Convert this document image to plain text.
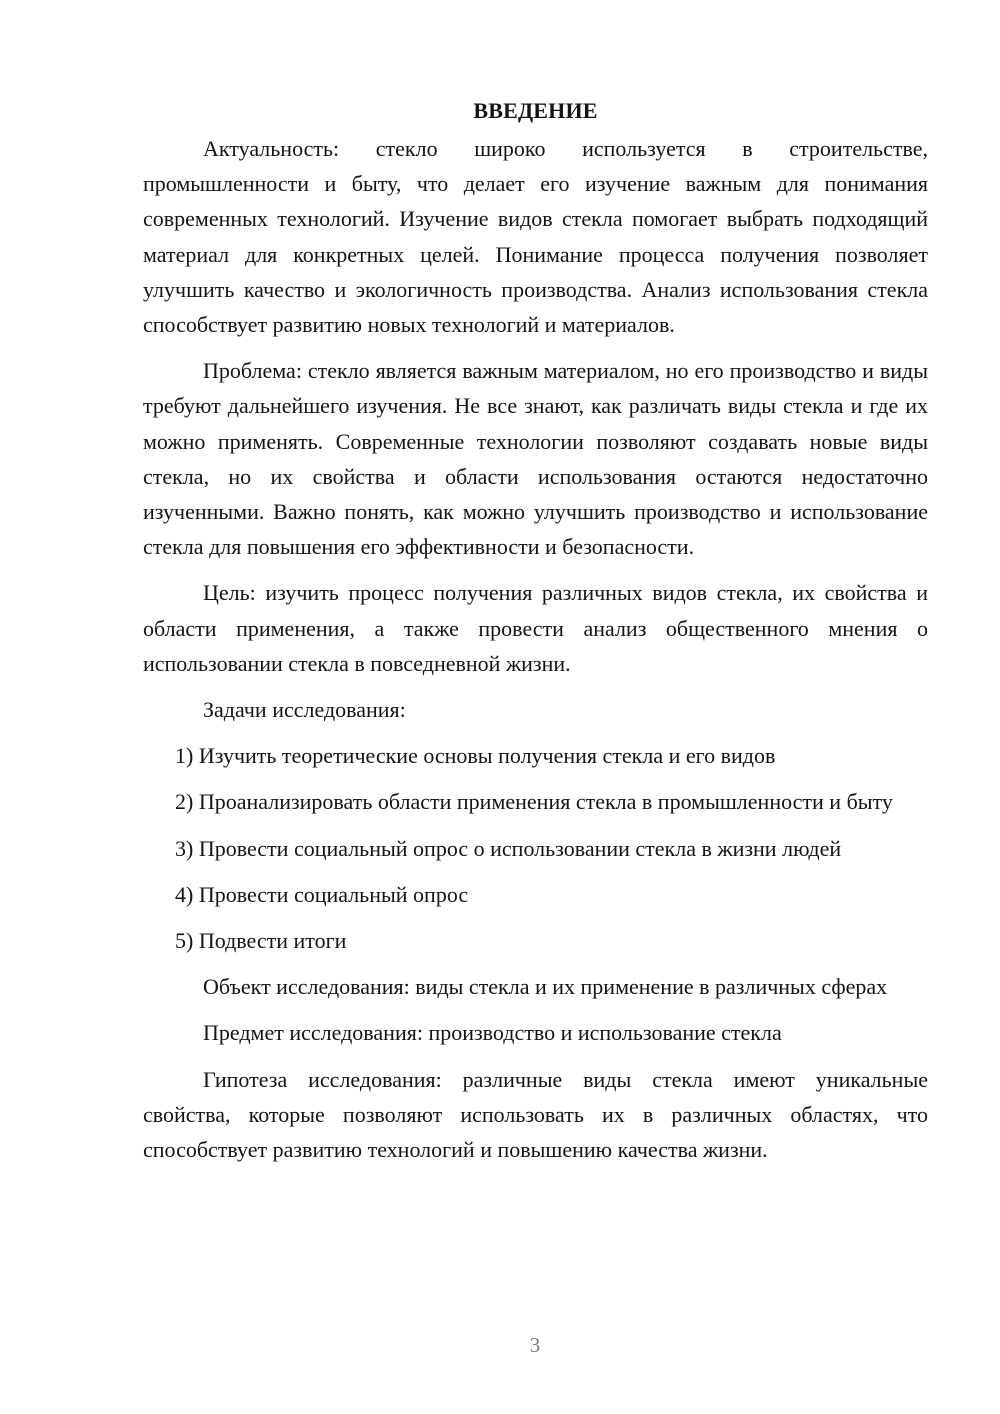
ВВЕДЕНИЕ

Актуальность: стекло широко используется в строительстве, промышленности и быту, что делает его изучение важным для понимания современных технологий. Изучение видов стекла помогает выбрать подходящий материал для конкретных целей. Понимание процесса получения позволяет улучшить качество и экологичность производства. Анализ использования стекла способствует развитию новых технологий и материалов.

Проблема: стекло является важным материалом, но его производство и виды требуют дальнейшего изучения. Не все знают, как различать виды стекла и где их можно применять. Современные технологии позволяют создавать новые виды стекла, но их свойства и области использования остаются недостаточно изученными. Важно понять, как можно улучшить производство и использование стекла для повышения его эффективности и безопасности.

Цель: изучить процесс получения различных видов стекла, их свойства и области применения, а также провести анализ общественного мнения о использовании стекла в повседневной жизни.

Задачи исследования:

1) Изучить теоретические основы получения стекла и его видов

2) Проанализировать области применения стекла в промышленности и быту

3) Провести социальный опрос о использовании стекла в жизни людей

4) Провести социальный опрос

5) Подвести итоги

Объект исследования: виды стекла и их применение в различных сферах

Предмет исследования: производство и использование стекла

Гипотеза исследования: различные виды стекла имеют уникальные свойства, которые позволяют использовать их в различных областях, что способствует развитию технологий и повышению качества жизни.

3
